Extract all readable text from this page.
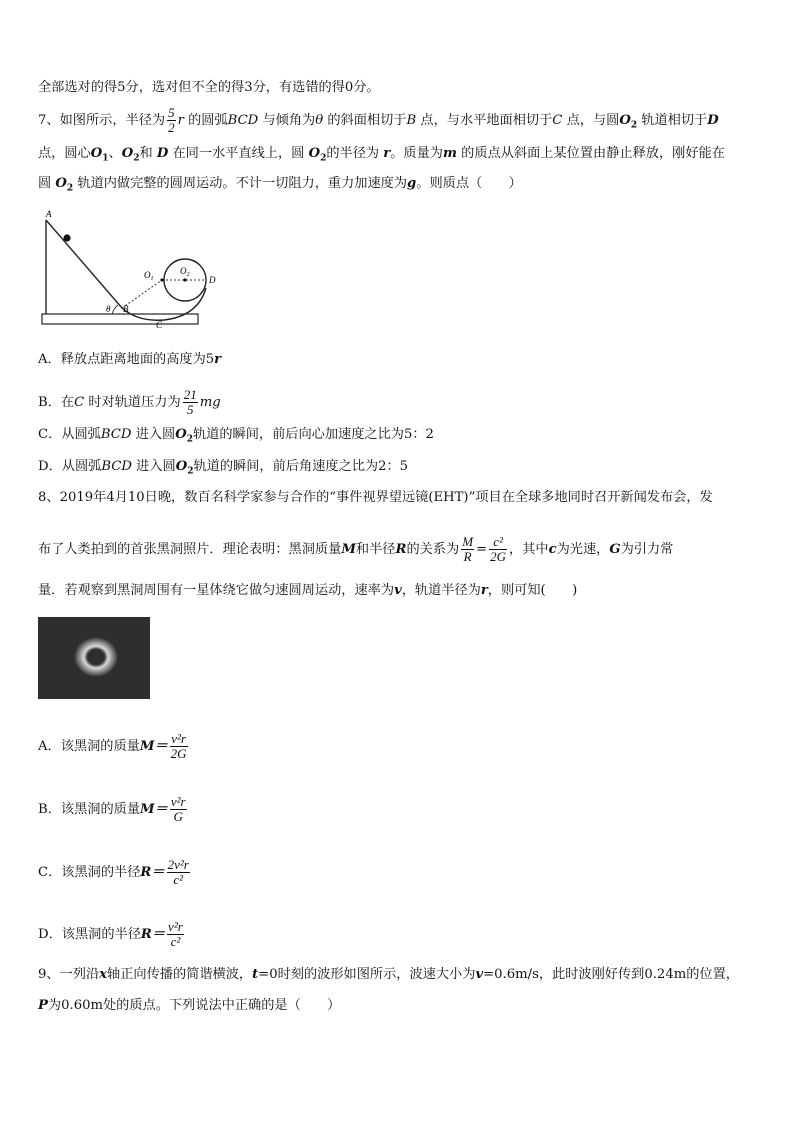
全部选对的得5分，选对但不全的得3分，有选错的得0分。
7、如图所示，半径为 $\frac{5}{2}$ r 的圆弧BCD 与倾角为θ 的斜面相切于B 点，与水平地面相切于C 点，与圆$O_2$ 轨道相切于D
点，圆心$O_1$、$O_2$和 D 在同一水平直线上，圆 $O_2$的半径为 r。质量为m 的质点从斜面上某位置由静止释放，刚好能在
圆 $O_2$ 轨道内做完整的圆周运动。不计一切阻力，重力加速度为g。则质点（　　）
A
$O_1$
$O_2$ D
B
C
θ
A．释放点距离地面的高度为5r
B．在C 时对轨道压力为 $\frac{21}{5}$ mg
C．从圆弧BCD 进入圆$O_2$轨道的瞬间，前后向心加速度之比为5：2
D．从圆弧BCD 进入圆$O_2$轨道的瞬间，前后角速度之比为2：5
8、2019年4月10日晚，数百名科学家参与合作的“事件视界望远镜(EHT)”项目在全球多地同时召开新闻发布会，发
布了人类拍到的首张黑洞照片．理论表明：黑洞质量M和半径R的关系为 $\frac{M}{R} = \frac{\text{c²}}{2G}$ ，其中c为光速，G为引力常
量．若观察到黑洞周围有一星体绕它做匀速圆周运动，速率为v，轨道半径为r，则可知(　　)
A．该黑洞的质量$M= \frac{\text{v²r}}{2G}$
B．该黑洞的质量$M= \frac{\text{v²r}}{G}$
C．该黑洞的半径$R= \frac{\text{2v²r}}{\text{c²}}$
D．该黑洞的半径$R= \frac{\text{v²r}}{\text{c²}}$
9、一列沿x轴正向传播的简谐横波，t=0时刻的波形如图所示，波速大小为v=0.6m/s，此时波刚好传到0.24m的位置，
P为0.60m处的质点。下列说法中正确的是（　　）
